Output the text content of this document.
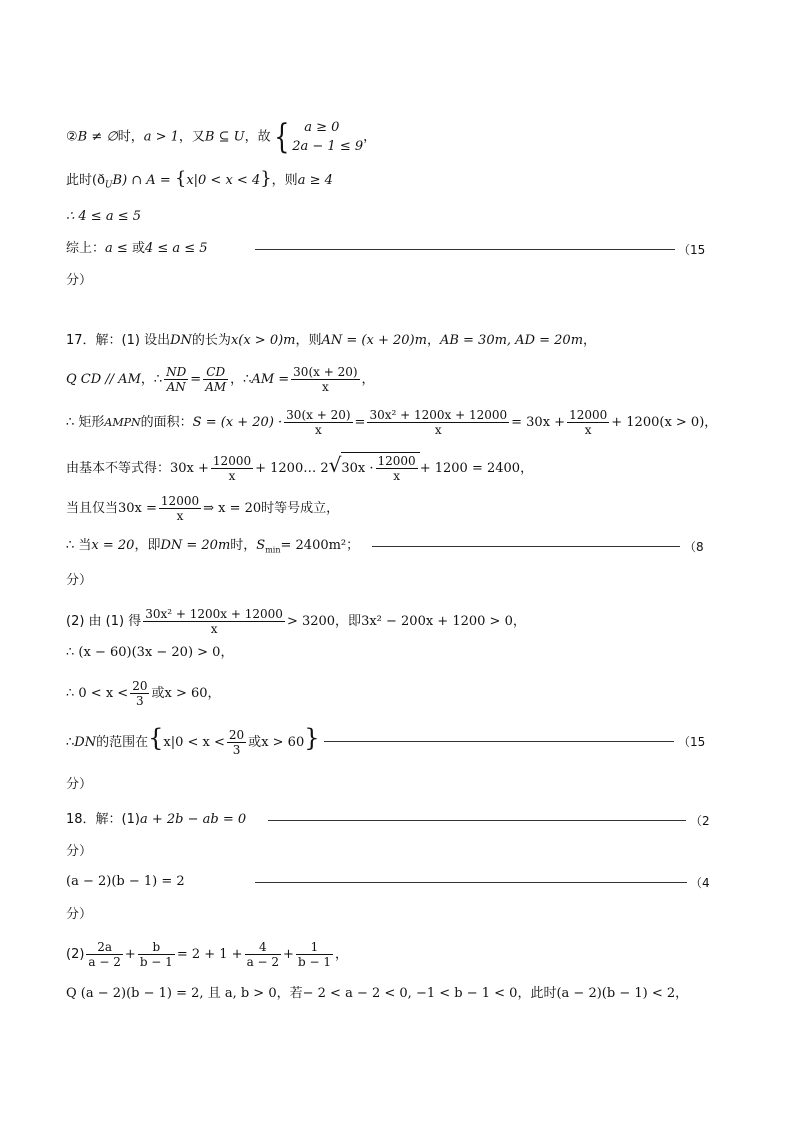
②B ≠ ∅时，a > 1，又B ⊆ U，故{	a ≥ 0
2a − 1 ≤ 9
，
此时$(ð_UB)$ ∩ A = {x|0 < x < 4}，则a ≥ 4
∴ 4 ≤ a ≤ 5
综上：a ≤ 或4 ≤ a ≤ 5	（15
分）
17．解：(1) 设出DN的长为x(x > 0)m，则AN = (x + 20)m，AB = 30m, AD = 20m，
Q CD // AM，∴ $\frac{ND}{AN} = \frac{CD}{AM}$ ，∴AM = $\frac{30(x + 20)}{x}$ ，
∴ 矩形AMPN的面积：$S = (x + 20) \cdot \frac{30(x + 20)}{x} = \frac{\text{30x² + 1200x + 12000}}{x} = 30x + \frac{12000}{x} + 1200(x > 0)$，
由基本不等式得：$30x + \frac{12000}{x}$ + 1200… $2√30x \cdot \frac{12000}{x} + 1200 = 2400$，
当且仅当$30x = \frac{12000}{x}$ ⇒ x = 20时等号成立，
∴ 当x = 20，即DN = 20m时，$S_{min}= 2400m^2$；	（8
分）
(2) 由 (1) 得 $\frac{\text{30x² + 1200x + 12000}}{x} > 3200$，即3x² − 200x + 1200 > 0，
∴ (x − 60)(3x − 20) > 0，
∴ $0 < x < \frac{20}{3}$ 或x > 60，
∴DN的范围在{$x|0 < x < \frac{20}{3}$ 或x > 60}	（15
分）
18．解：(1)a + 2b − ab = 0	（2
分）
(a − 2)(b − 1) = 2	（4
分）
$(2) \frac{2a}{a - 2} + \frac{b}{b - 1} = 2 + 1 + \frac{4}{a - 2} + \frac{1}{b - 1}$ ，
Q (a − 2)(b − 1) = 2, 且 a, b > 0，若− 2 < a − 2 < 0, −1 < b − 1 < 0，此时(a − 2)(b − 1) < 2，
